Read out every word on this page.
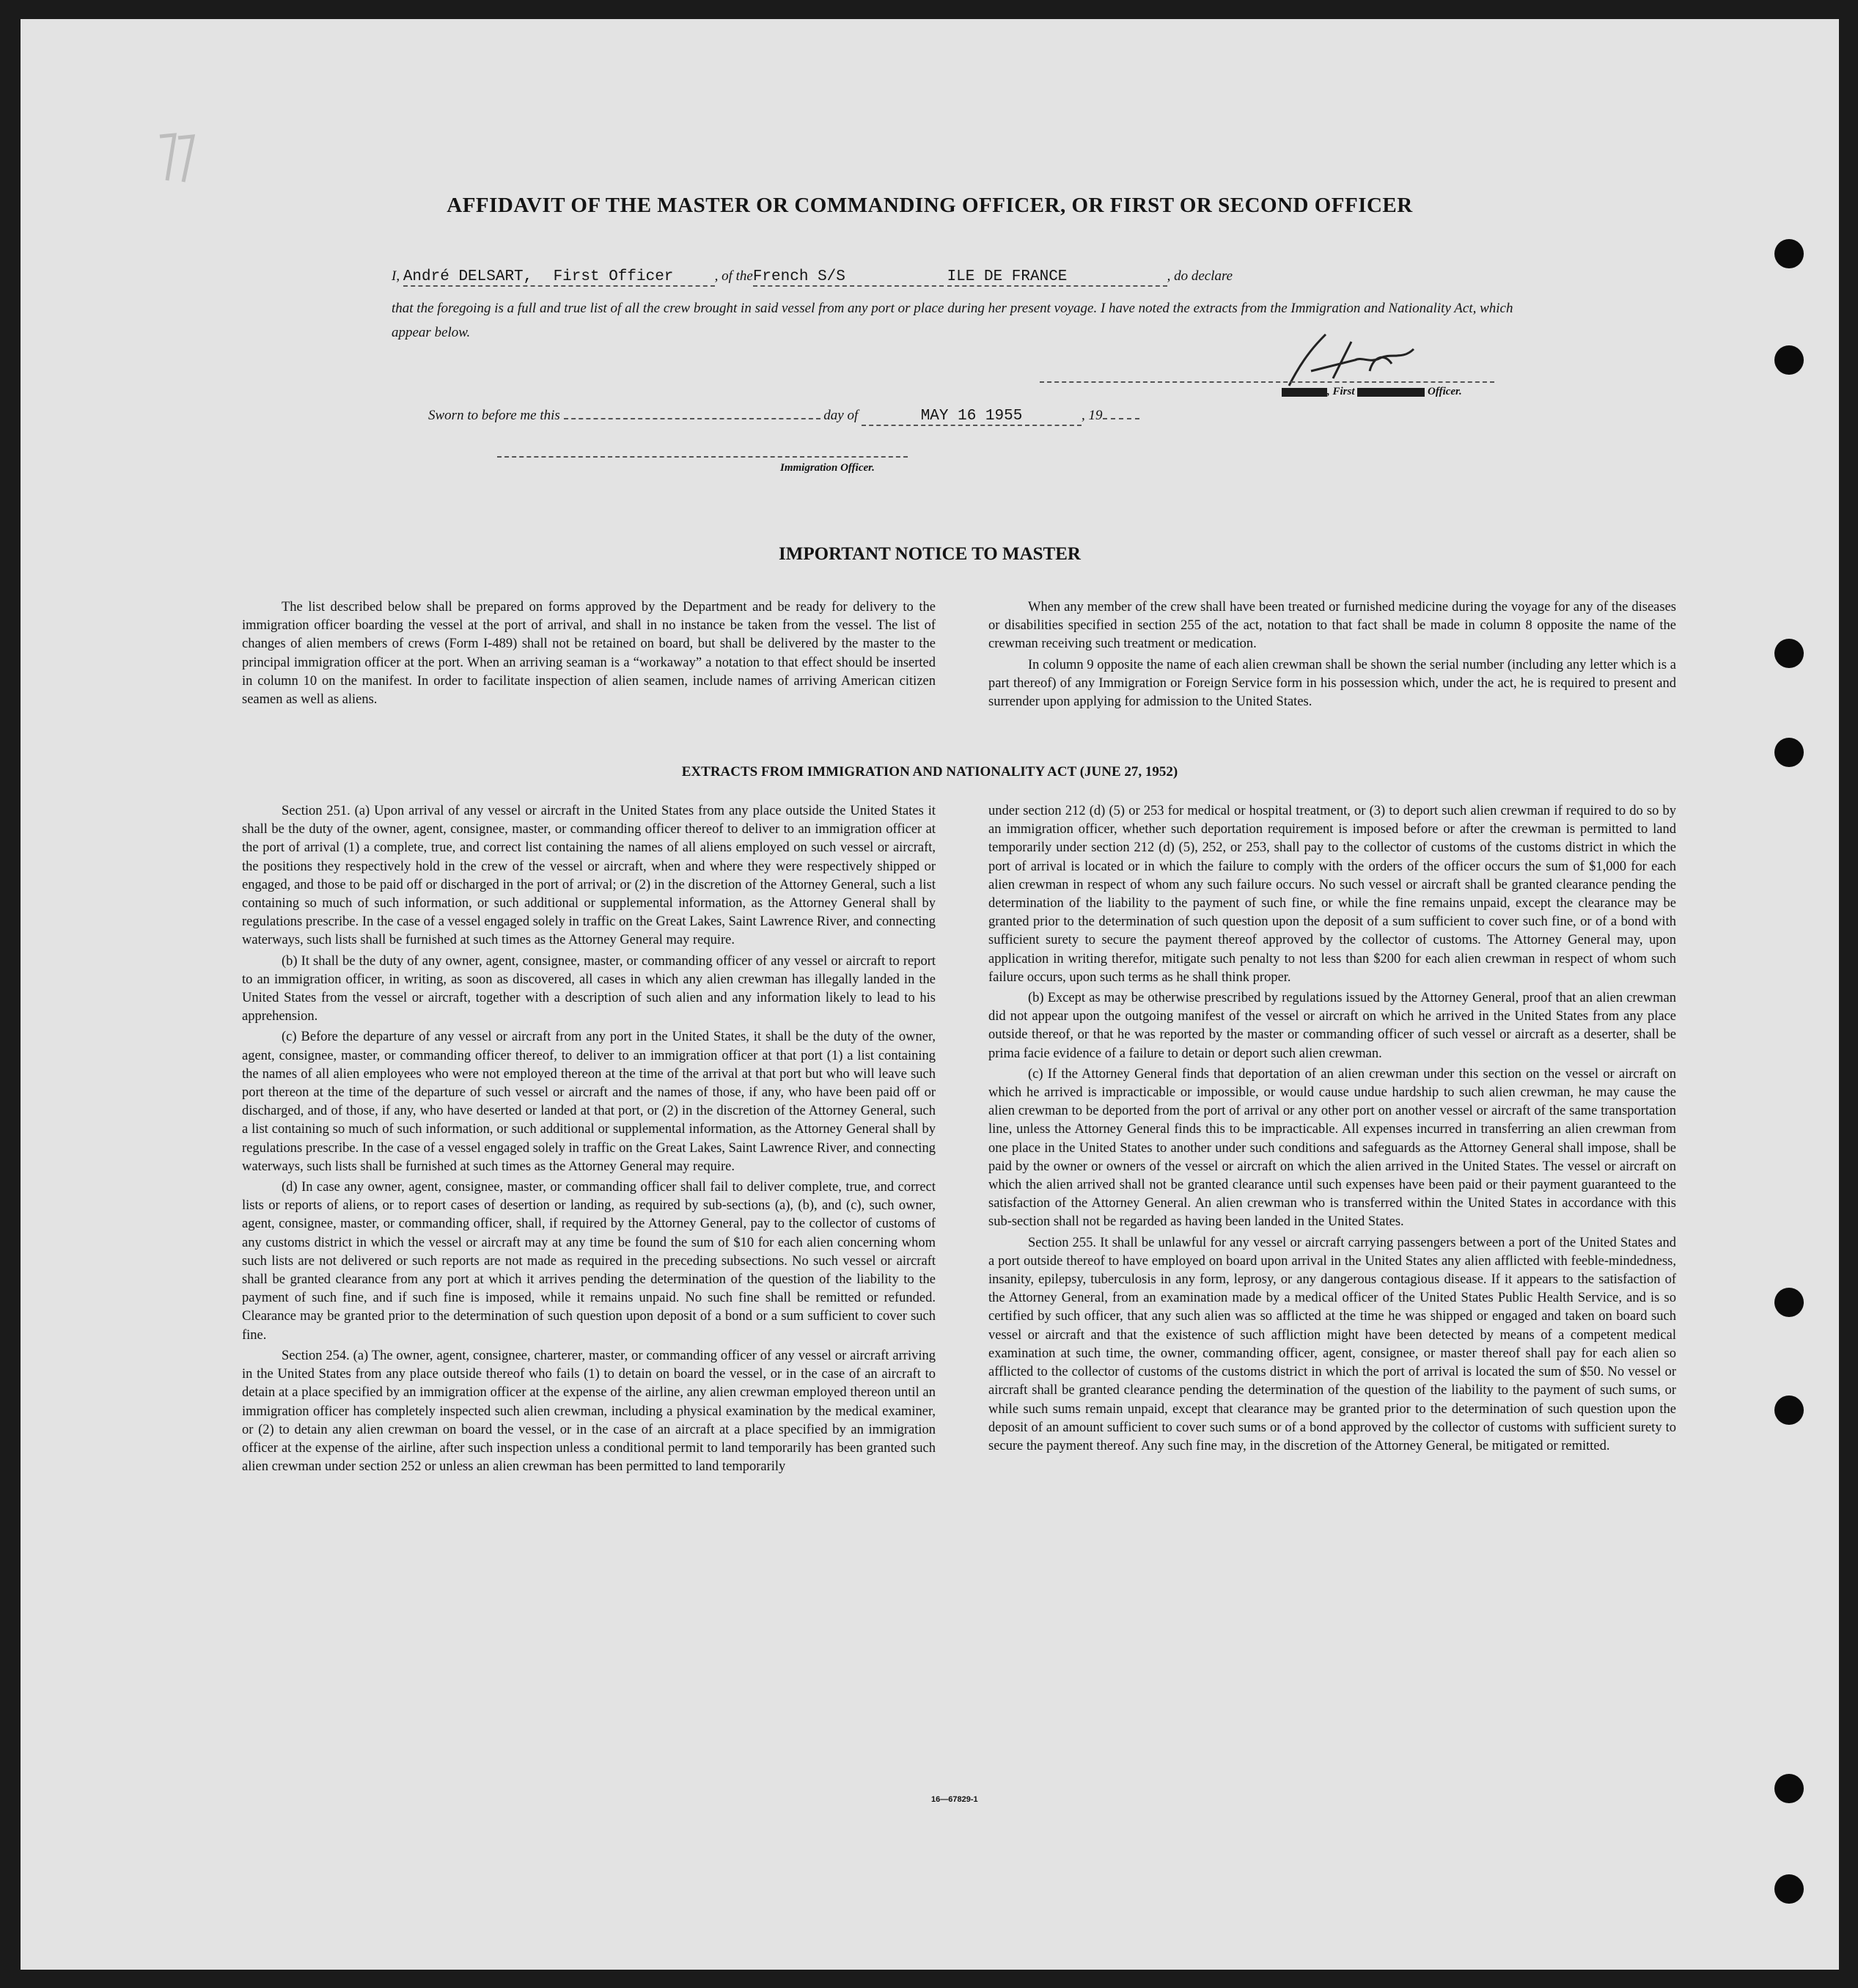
AFFIDAVIT OF THE MASTER OR COMMANDING OFFICER, OR FIRST OR SECOND OFFICER
I, André DELSART, First Officer	, of theFrench S/S	ILE DE FRANCE	, do declare
that the foregoing is a full and true list of all the crew brought in said vessel from any port or place during her present voyage. I have noted the extracts from the Immigration and Nationality Act, which appear below.
, First	Officer.
Sworn to before me this	day of	MAY 16 1955	, 19
Immigration Officer.
IMPORTANT NOTICE TO MASTER

The list described below shall be prepared on forms approved by the Department and be ready for delivery to the immigration officer boarding the vessel at the port of arrival, and shall in no instance be taken from the vessel. The list of changes of alien members of crews (Form I-489) shall not be retained on board, but shall be delivered by the master to the principal immigration officer at the port. When an arriving seaman is a “workaway” a notation to that effect should be inserted in column 10 on the manifest. In order to facilitate inspection of alien seamen, include names of arriving American citizen seamen as well as aliens.

When any member of the crew shall have been treated or furnished medicine during the voyage for any of the diseases or disabilities specified in section 255 of the act, notation to that fact shall be made in column 8 opposite the name of the crewman receiving such treatment or medication.

In column 9 opposite the name of each alien crewman shall be shown the serial number (including any letter which is a part thereof) of any Immigration or Foreign Service form in his possession which, under the act, he is required to present and surrender upon applying for admission to the United States.

EXTRACTS FROM IMMIGRATION AND NATIONALITY ACT (JUNE 27, 1952)

Section 251. (a) Upon arrival of any vessel or aircraft in the United States from any place outside the United States it shall be the duty of the owner, agent, consignee, master, or commanding officer thereof to deliver to an immigration officer at the port of arrival (1) a complete, true, and correct list containing the names of all aliens employed on such vessel or aircraft, the positions they respectively hold in the crew of the vessel or aircraft, when and where they were respectively shipped or engaged, and those to be paid off or discharged in the port of arrival; or (2) in the discretion of the Attorney General, such a list containing so much of such information, or such additional or supplemental information, as the Attorney General shall by regulations prescribe. In the case of a vessel engaged solely in traffic on the Great Lakes, Saint Lawrence River, and connecting waterways, such lists shall be furnished at such times as the Attorney General may require.

(b) It shall be the duty of any owner, agent, consignee, master, or commanding officer of any vessel or aircraft to report to an immigration officer, in writing, as soon as discovered, all cases in which any alien crewman has illegally landed in the United States from the vessel or aircraft, together with a description of such alien and any information likely to lead to his apprehension.

(c) Before the departure of any vessel or aircraft from any port in the United States, it shall be the duty of the owner, agent, consignee, master, or commanding officer thereof, to deliver to an immigration officer at that port (1) a list containing the names of all alien employees who were not employed thereon at the time of the arrival at that port but who will leave such port thereon at the time of the departure of such vessel or aircraft and the names of those, if any, who have been paid off or discharged, and of those, if any, who have deserted or landed at that port, or (2) in the discretion of the Attorney General, such a list containing so much of such information, or such additional or supplemental information, as the Attorney General shall by regulations prescribe. In the case of a vessel engaged solely in traffic on the Great Lakes, Saint Lawrence River, and connecting waterways, such lists shall be furnished at such times as the Attorney General may require.

(d) In case any owner, agent, consignee, master, or commanding officer shall fail to deliver complete, true, and correct lists or reports of aliens, or to report cases of desertion or landing, as required by sub-sections (a), (b), and (c), such owner, agent, consignee, master, or commanding officer, shall, if required by the Attorney General, pay to the collector of customs of any customs district in which the vessel or aircraft may at any time be found the sum of $10 for each alien concerning whom such lists are not delivered or such reports are not made as required in the preceding subsections. No such vessel or aircraft shall be granted clearance from any port at which it arrives pending the determination of the question of the liability to the payment of such fine, and if such fine is imposed, while it remains unpaid. No such fine shall be remitted or refunded. Clearance may be granted prior to the determination of such question upon deposit of a bond or a sum sufficient to cover such fine.

Section 254. (a) The owner, agent, consignee, charterer, master, or commanding officer of any vessel or aircraft arriving in the United States from any place outside thereof who fails (1) to detain on board the vessel, or in the case of an aircraft to detain at a place specified by an immigration officer at the expense of the airline, any alien crewman employed thereon until an immigration officer has completely inspected such alien crewman, including a physical examination by the medical examiner, or (2) to detain any alien crewman on board the vessel, or in the case of an aircraft at a place specified by an immigration officer at the expense of the airline, after such inspection unless a conditional permit to land temporarily has been granted such alien crewman under section 252 or unless an alien crewman has been permitted to land temporarily

under section 212 (d) (5) or 253 for medical or hospital treatment, or (3) to deport such alien crewman if required to do so by an immigration officer, whether such deportation requirement is imposed before or after the crewman is permitted to land temporarily under section 212 (d) (5), 252, or 253, shall pay to the collector of customs of the customs district in which the port of arrival is located or in which the failure to comply with the orders of the officer occurs the sum of $1,000 for each alien crewman in respect of whom any such failure occurs. No such vessel or aircraft shall be granted clearance pending the determination of the liability to the payment of such fine, or while the fine remains unpaid, except the clearance may be granted prior to the determination of such question upon the deposit of a sum sufficient to cover such fine, or of a bond with sufficient surety to secure the payment thereof approved by the collector of customs. The Attorney General may, upon application in writing therefor, mitigate such penalty to not less than $200 for each alien crewman in respect of whom such failure occurs, upon such terms as he shall think proper.

(b) Except as may be otherwise prescribed by regulations issued by the Attorney General, proof that an alien crewman did not appear upon the outgoing manifest of the vessel or aircraft on which he arrived in the United States from any place outside thereof, or that he was reported by the master or commanding officer of such vessel or aircraft as a deserter, shall be prima facie evidence of a failure to detain or deport such alien crewman.

(c) If the Attorney General finds that deportation of an alien crewman under this section on the vessel or aircraft on which he arrived is impracticable or impossible, or would cause undue hardship to such alien crewman, he may cause the alien crewman to be deported from the port of arrival or any other port on another vessel or aircraft of the same transportation line, unless the Attorney General finds this to be impracticable. All expenses incurred in transferring an alien crewman from one place in the United States to another under such conditions and safeguards as the Attorney General shall impose, shall be paid by the owner or owners of the vessel or aircraft on which the alien arrived in the United States. The vessel or aircraft on which the alien arrived shall not be granted clearance until such expenses have been paid or their payment guaranteed to the satisfaction of the Attorney General. An alien crewman who is transferred within the United States in accordance with this sub-section shall not be regarded as having been landed in the United States.

Section 255. It shall be unlawful for any vessel or aircraft carrying passengers between a port of the United States and a port outside thereof to have employed on board upon arrival in the United States any alien afflicted with feeble-mindedness, insanity, epilepsy, tuberculosis in any form, leprosy, or any dangerous contagious disease. If it appears to the satisfaction of the Attorney General, from an examination made by a medical officer of the United States Public Health Service, and is so certified by such officer, that any such alien was so afflicted at the time he was shipped or engaged and taken on board such vessel or aircraft and that the existence of such affliction might have been detected by means of a competent medical examination at such time, the owner, commanding officer, agent, consignee, or master thereof shall pay for each alien so afflicted to the collector of customs of the customs district in which the port of arrival is located the sum of $50. No vessel or aircraft shall be granted clearance pending the determination of the question of the liability to the payment of such sums, or while such sums remain unpaid, except that clearance may be granted prior to the determination of such question upon the deposit of an amount sufficient to cover such sums or of a bond approved by the collector of customs with sufficient surety to secure the payment thereof. Any such fine may, in the discretion of the Attorney General, be mitigated or remitted.

16—67829-1
